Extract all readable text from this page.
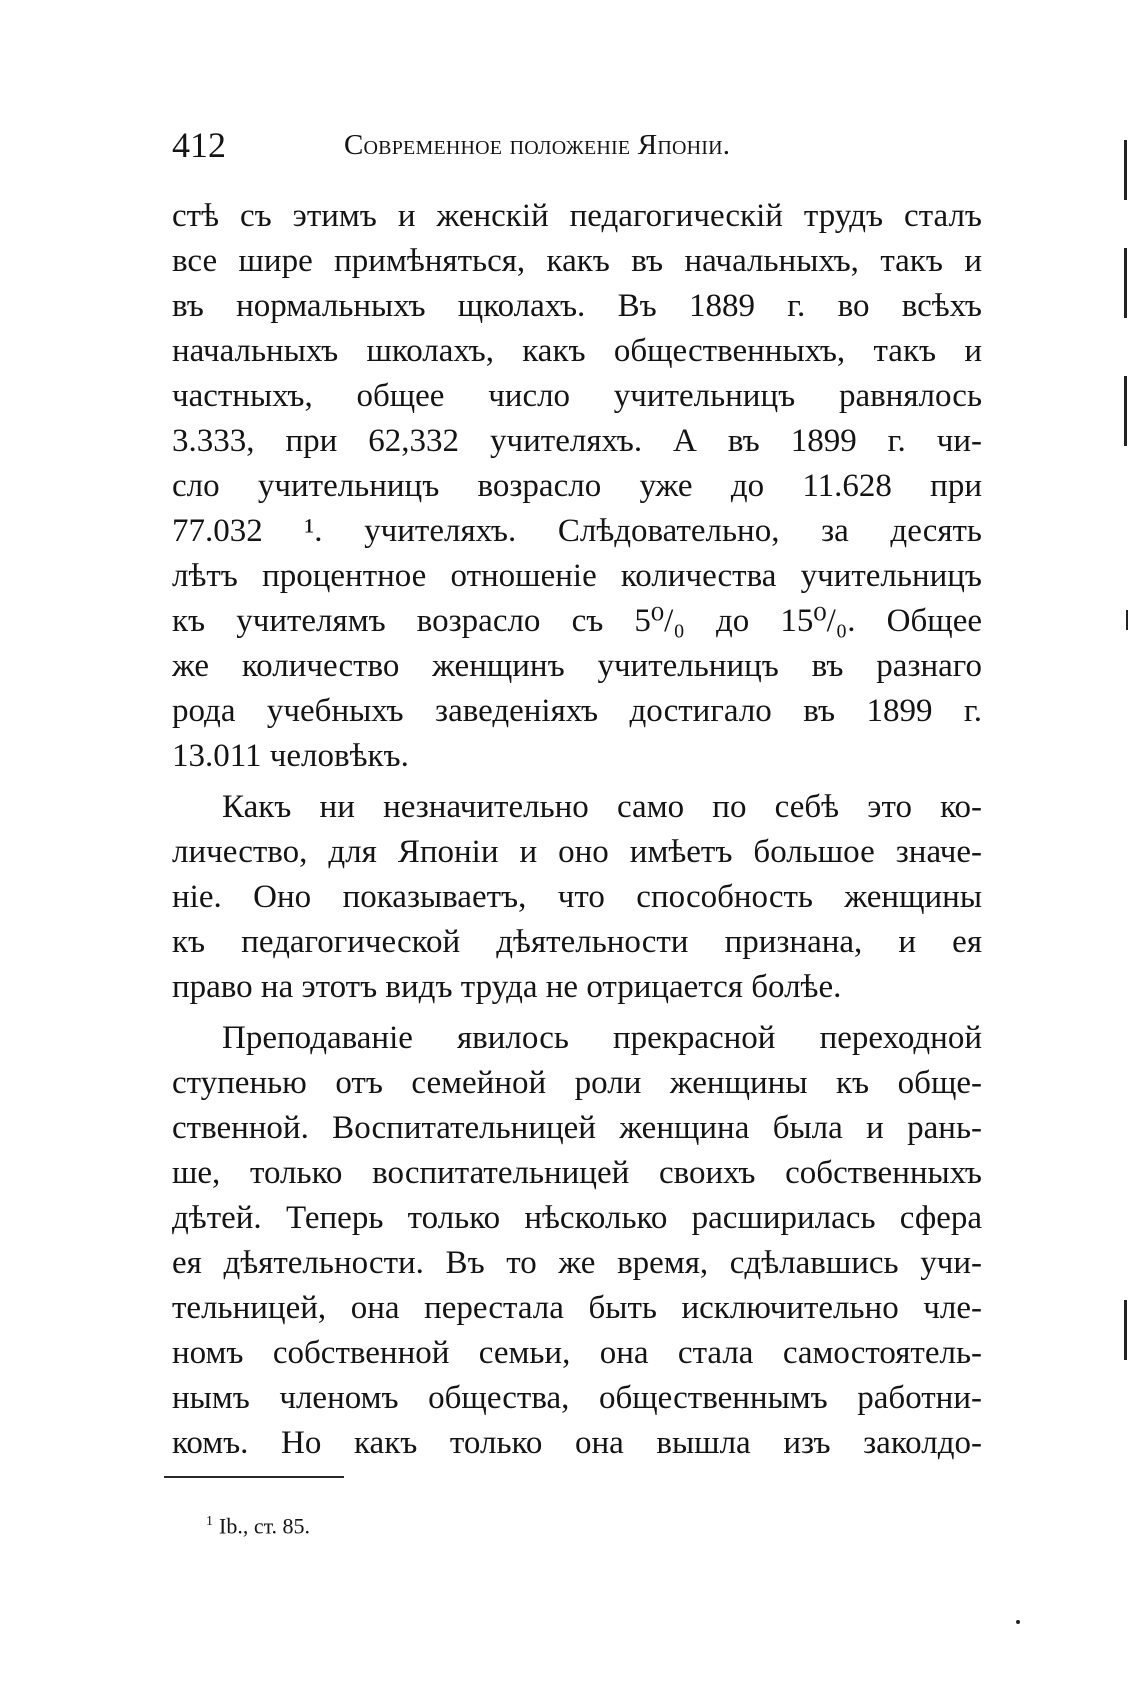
412	Современное положеніе Японіи.
стѣ съ этимъ и женскій педагогическій трудъ сталъ
все шире примѣняться, какъ въ начальныхъ, такъ и
въ нормальныхъ щколахъ. Въ 1889 г. во всѣхъ
начальныхъ школахъ, какъ общественныхъ, такъ и
частныхъ, общее число учительницъ равнялось
3.333, при 62,332 учителяхъ. А въ 1899 г. чи-
сло учительницъ возрасло уже до 11.628 при
77.032 ¹. учителяхъ. Слѣдовательно, за десять
лѣтъ процентное отношеніе количества учительницъ
къ учителямъ возрасло съ 5⁰/₀ до 15⁰/₀. Общее
же количество женщинъ учительницъ въ разнаго
рода учебныхъ заведеніяхъ достигало въ 1899 г.
13.011 человѣкъ.
Какъ ни незначительно само по себѣ это ко-
личество, для Японіи и оно имѣетъ большое значе-
ніе. Оно показываетъ, что способность женщины
къ педагогической дѣятельности признана, и ея
право на этотъ видъ труда не отрицается болѣе.
Преподаваніе явилось прекрасной переходной
ступенью отъ семейной роли женщины къ обще-
ственной. Воспитательницей женщина была и рань-
ше, только воспитательницей своихъ собственныхъ
дѣтей. Теперь только нѣсколько расширилась сфера
ея дѣятельности. Въ то же время, сдѣлавшись учи-
тельницей, она перестала быть исключительно чле-
номъ собственной семьи, она стала самостоятель-
нымъ членомъ общества, общественнымъ работни-
комъ. Но какъ только она вышла изъ заколдо-
$^1$ Ib., ст. 85.
